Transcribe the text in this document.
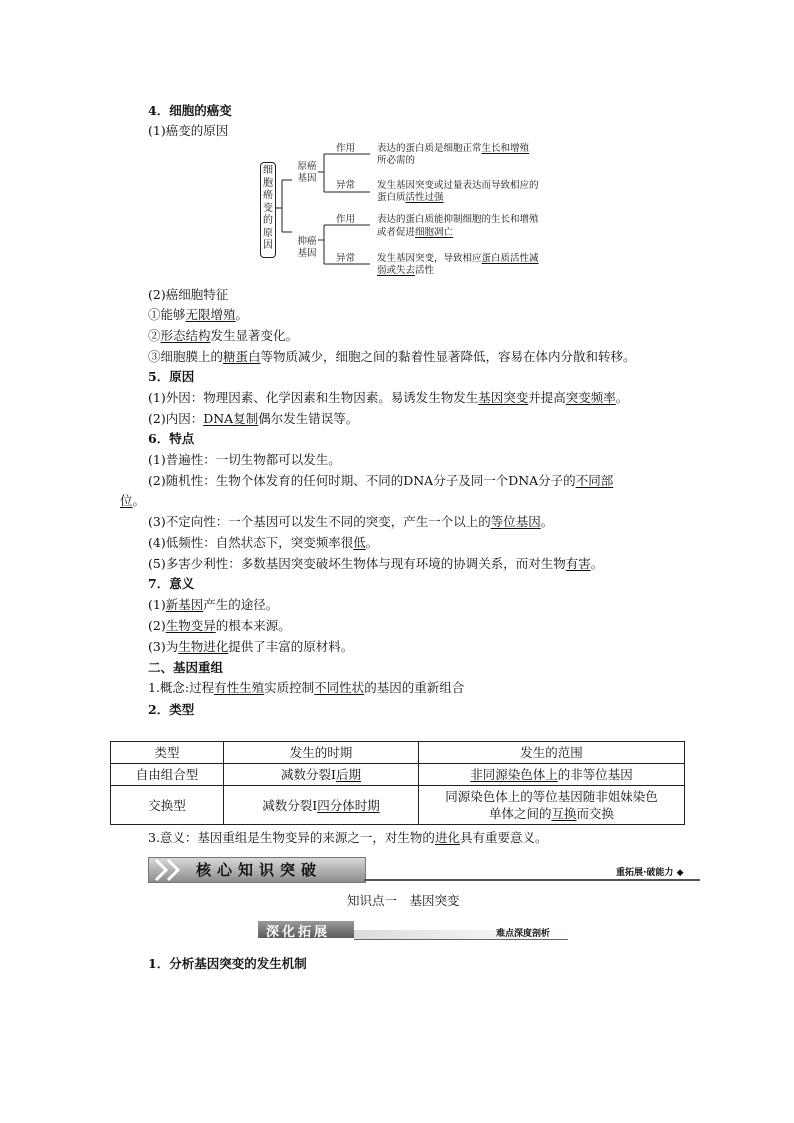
4．细胞的癌变
(1)癌变的原因
细胞癌变的原因
原癌基因
抑癌基因
作用
异常
作用
异常
表达的蛋白质是细胞正常生长和增殖
所必需的
发生基因突变或过量表达而导致相应的
蛋白质活性过强
表达的蛋白质能抑制细胞的生长和增殖
或者促进细胞凋亡
发生基因突变，导致相应蛋白质活性减
弱或失去活性
(2)癌细胞特征
①能够无限增殖。
②形态结构发生显著变化。
③细胞膜上的糖蛋白等物质减少，细胞之间的黏着性显著降低，容易在体内分散和转移。
5．原因
(1)外因：物理因素、化学因素和生物因素。易诱发生物发生基因突变并提高突变频率。
(2)内因：DNA复制偶尔发生错误等。
6．特点
(1)普遍性：一切生物都可以发生。
(2)随机性：生物个体发育的任何时期、不同的DNA分子及同一个DNA分子的不同部
位。
(3)不定向性：一个基因可以发生不同的突变，产生一个以上的等位基因。
(4)低频性：自然状态下，突变频率很低。
(5)多害少利性：多数基因突变破坏生物体与现有环境的协调关系，而对生物有害。
7．意义
(1)新基因产生的途径。
(2)生物变异的根本来源。
(3)为生物进化提供了丰富的原材料。
二、基因重组
1.概念:过程有性生殖实质控制不同性状的基因的重新组合
2．类型
类型	发生的时期	发生的范围
自由组合型	减数分裂Ⅰ后期	非同源染色体上的非等位基因
交换型	减数分裂Ⅰ四分体时期	同源染色体上的等位基因随非姐妹染色
单体之间的互换而交换
3.意义：基因重组是生物变异的来源之一，对生物的进化具有重要意义。
核心知识突破	重拓展·破能力 ◆
知识点一　基因突变
深化拓展	难点深度剖析
1．分析基因突变的发生机制
